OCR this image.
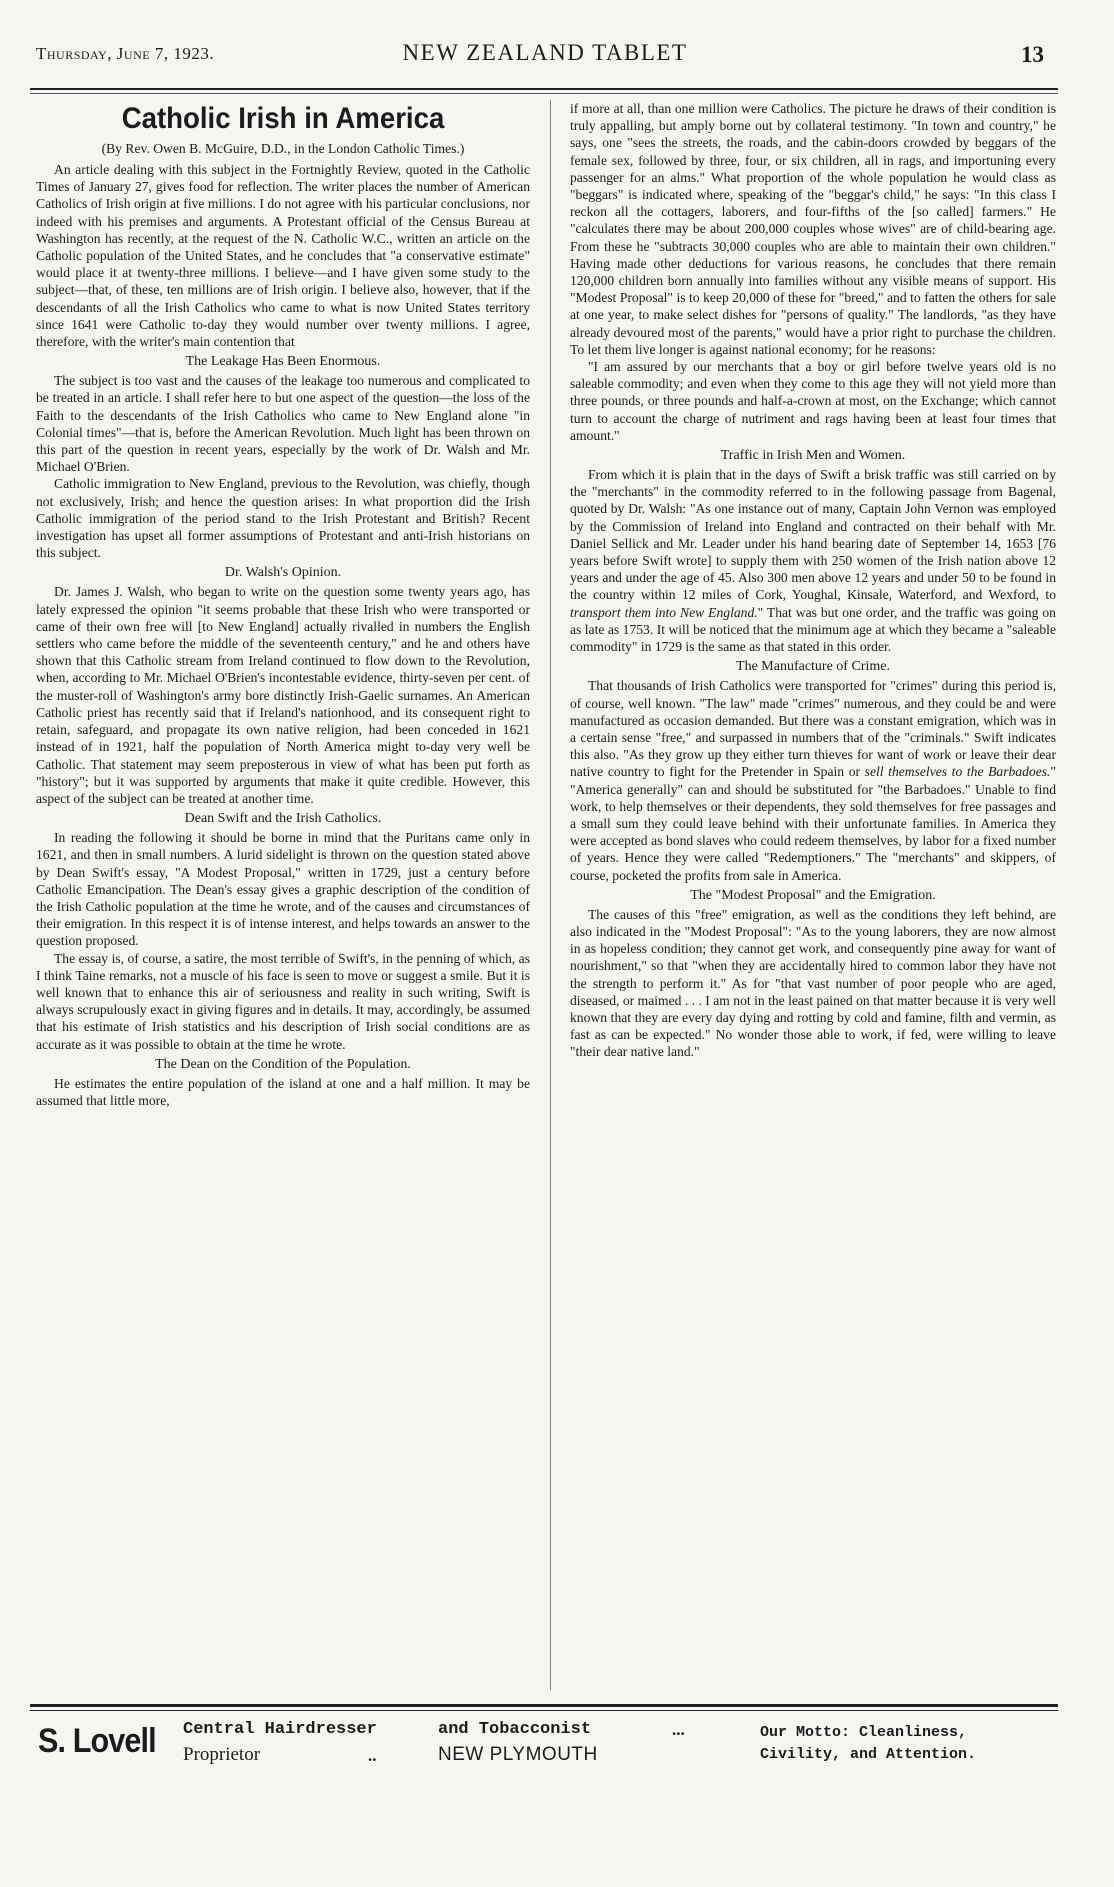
Thursday, June 7, 1923.	NEW ZEALAND TABLET	13
Catholic Irish in America
(By Rev. Owen B. McGuire, D.D., in the London Catholic Times.)

An article dealing with this subject in the Fortnightly Review, quoted in the Catholic Times of January 27, gives food for reflection. The writer places the number of American Catholics of Irish origin at five millions. I do not agree with his particular conclusions, nor indeed with his premises and arguments. A Protestant official of the Census Bureau at Washington has recently, at the request of the N. Catholic W.C., written an article on the Catholic population of the United States, and he concludes that "a conservative estimate" would place it at twenty-three millions. I believe—and I have given some study to the subject—that, of these, ten millions are of Irish origin. I believe also, however, that if the descendants of all the Irish Catholics who came to what is now United States territory since 1641 were Catholic to-day they would number over twenty millions. I agree, therefore, with the writer's main contention that

The Leakage Has Been Enormous.

The subject is too vast and the causes of the leakage too numerous and complicated to be treated in an article. I shall refer here to but one aspect of the question—the loss of the Faith to the descendants of the Irish Catholics who came to New England alone "in Colonial times"—that is, before the American Revolution. Much light has been thrown on this part of the question in recent years, especially by the work of Dr. Walsh and Mr. Michael O'Brien.

Catholic immigration to New England, previous to the Revolution, was chiefly, though not exclusively, Irish; and hence the question arises: In what proportion did the Irish Catholic immigration of the period stand to the Irish Protestant and British? Recent investigation has upset all former assumptions of Protestant and anti-Irish historians on this subject.

Dr. Walsh's Opinion.

Dr. James J. Walsh, who began to write on the question some twenty years ago, has lately expressed the opinion "it seems probable that these Irish who were transported or came of their own free will [to New England] actually rivalled in numbers the English settlers who came before the middle of the seventeenth century," and he and others have shown that this Catholic stream from Ireland continued to flow down to the Revolution, when, according to Mr. Michael O'Brien's incontestable evidence, thirty-seven per cent. of the muster-roll of Washington's army bore distinctly Irish-Gaelic surnames. An American Catholic priest has recently said that if Ireland's nationhood, and its consequent right to retain, safeguard, and propagate its own native religion, had been conceded in 1621 instead of in 1921, half the population of North America might to-day very well be Catholic. That statement may seem preposterous in view of what has been put forth as "history"; but it was supported by arguments that make it quite credible. However, this aspect of the subject can be treated at another time.

Dean Swift and the Irish Catholics.

In reading the following it should be borne in mind that the Puritans came only in 1621, and then in small numbers. A lurid sidelight is thrown on the question stated above by Dean Swift's essay, "A Modest Proposal," written in 1729, just a century before Catholic Emancipation. The Dean's essay gives a graphic description of the condition of the Irish Catholic population at the time he wrote, and of the causes and circumstances of their emigration. In this respect it is of intense interest, and helps towards an answer to the question proposed.

The essay is, of course, a satire, the most terrible of Swift's, in the penning of which, as I think Taine remarks, not a muscle of his face is seen to move or suggest a smile. But it is well known that to enhance this air of seriousness and reality in such writing, Swift is always scrupulously exact in giving figures and in details. It may, accordingly, be assumed that his estimate of Irish statistics and his description of Irish social conditions are as accurate as it was possible to obtain at the time he wrote.

The Dean on the Condition of the Population.

He estimates the entire population of the island at one and a half million. It may be assumed that little more,

if more at all, than one million were Catholics. The picture he draws of their condition is truly appalling, but amply borne out by collateral testimony. "In town and country," he says, one "sees the streets, the roads, and the cabin-doors crowded by beggars of the female sex, followed by three, four, or six children, all in rags, and importuning every passenger for an alms." What proportion of the whole population he would class as "beggars" is indicated where, speaking of the "beggar's child," he says: "In this class I reckon all the cottagers, laborers, and four-fifths of the [so called] farmers." He "calculates there may be about 200,000 couples whose wives" are of child-bearing age. From these he "subtracts 30,000 couples who are able to maintain their own children." Having made other deductions for various reasons, he concludes that there remain 120,000 children born annually into families without any visible means of support. His "Modest Proposal" is to keep 20,000 of these for "breed," and to fatten the others for sale at one year, to make select dishes for "persons of quality." The landlords, "as they have already devoured most of the parents," would have a prior right to purchase the children. To let them live longer is against national economy; for he reasons:

"I am assured by our merchants that a boy or girl before twelve years old is no saleable commodity; and even when they come to this age they will not yield more than three pounds, or three pounds and half-a-crown at most, on the Exchange; which cannot turn to account the charge of nutriment and rags having been at least four times that amount."

Traffic in Irish Men and Women.

From which it is plain that in the days of Swift a brisk traffic was still carried on by the "merchants" in the commodity referred to in the following passage from Bagenal, quoted by Dr. Walsh: "As one instance out of many, Captain John Vernon was employed by the Commission of Ireland into England and contracted on their behalf with Mr. Daniel Sellick and Mr. Leader under his hand bearing date of September 14, 1653 [76 years before Swift wrote] to supply them with 250 women of the Irish nation above 12 years and under the age of 45. Also 300 men above 12 years and under 50 to be found in the country within 12 miles of Cork, Youghal, Kinsale, Waterford, and Wexford, to transport them into New England." That was but one order, and the traffic was going on as late as 1753. It will be noticed that the minimum age at which they became a "saleable commodity" in 1729 is the same as that stated in this order.

The Manufacture of Crime.

That thousands of Irish Catholics were transported for "crimes" during this period is, of course, well known. "The law" made "crimes" numerous, and they could be and were manufactured as occasion demanded. But there was a constant emigration, which was in a certain sense "free," and surpassed in numbers that of the "criminals." Swift indicates this also. "As they grow up they either turn thieves for want of work or leave their dear native country to fight for the Pretender in Spain or sell themselves to the Barbadoes." "America generally" can and should be substituted for "the Barbadoes." Unable to find work, to help themselves or their dependents, they sold themselves for free passages and a small sum they could leave behind with their unfortunate families. In America they were accepted as bond slaves who could redeem themselves, by labor for a fixed number of years. Hence they were called "Redemptioners." The "merchants" and skippers, of course, pocketed the profits from sale in America.

The "Modest Proposal" and the Emigration.

The causes of this "free" emigration, as well as the conditions they left behind, are also indicated in the "Modest Proposal": "As to the young laborers, they are now almost in as hopeless condition; they cannot get work, and consequently pine away for want of nourishment," so that "when they are accidentally hired to common labor they have not the strength to perform it." As for "that vast number of poor people who are aged, diseased, or maimed . . . I am not in the least pained on that matter because it is very well known that they are every day dying and rotting by cold and famine, filth and vermin, as fast as can be expected." No wonder those able to work, if fed, were willing to leave "their dear native land."

S. Lovell Central Hairdresser
Proprietor	..
and Tobacconist
NEW PLYMOUTH
...	Our Motto: Cleanliness,
Civility, and Attention.
